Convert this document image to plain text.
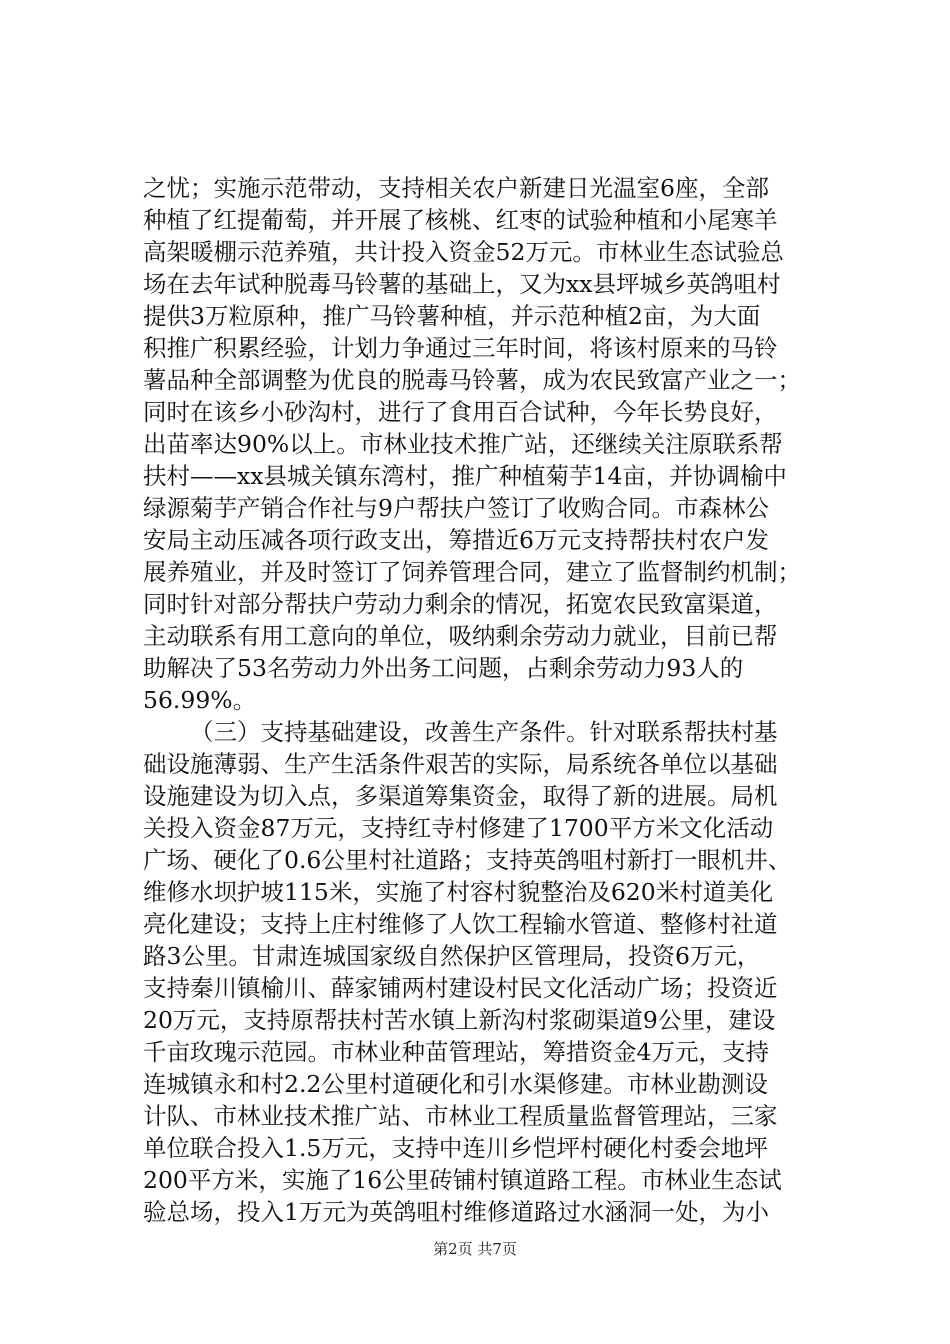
之忧；实施示范带动，支持相关农户新建日光温室6座，全部
种植了红提葡萄，并开展了核桃、红枣的试验种植和小尾寒羊
高架暖棚示范养殖，共计投入资金52万元。市林业生态试验总
场在去年试种脱毒马铃薯的基础上，又为xx县坪城乡英鸽咀村
提供3万粒原种，推广马铃薯种植，并示范种植2亩，为大面
积推广积累经验，计划力争通过三年时间，将该村原来的马铃
薯品种全部调整为优良的脱毒马铃薯，成为农民致富产业之一；
同时在该乡小砂沟村，进行了食用百合试种，今年长势良好，
出苗率达90%以上。市林业技术推广站，还继续关注原联系帮
扶村——xx县城关镇东湾村，推广种植菊芋14亩，并协调榆中
绿源菊芋产销合作社与9户帮扶户签订了收购合同。市森林公
安局主动压减各项行政支出，筹措近6万元支持帮扶村农户发
展养殖业，并及时签订了饲养管理合同，建立了监督制约机制；
同时针对部分帮扶户劳动力剩余的情况，拓宽农民致富渠道，
主动联系有用工意向的单位，吸纳剩余劳动力就业，目前已帮
助解决了53名劳动力外出务工问题，占剩余劳动力93人的
56.99%。
（三）支持基础建设，改善生产条件。针对联系帮扶村基
础设施薄弱、生产生活条件艰苦的实际，局系统各单位以基础
设施建设为切入点，多渠道筹集资金，取得了新的进展。局机
关投入资金87万元，支持红寺村修建了1700平方米文化活动
广场、硬化了0.6公里村社道路；支持英鸽咀村新打一眼机井、
维修水坝护坡115米，实施了村容村貌整治及620米村道美化
亮化建设；支持上庄村维修了人饮工程输水管道、整修村社道
路3公里。甘肃连城国家级自然保护区管理局，投资6万元，
支持秦川镇榆川、薛家铺两村建设村民文化活动广场；投资近
20万元，支持原帮扶村苦水镇上新沟村浆砌渠道9公里，建设
千亩玫瑰示范园。市林业种苗管理站，筹措资金4万元，支持
连城镇永和村2.2公里村道硬化和引水渠修建。市林业勘测设
计队、市林业技术推广站、市林业工程质量监督管理站，三家
单位联合投入1.5万元，支持中连川乡恺坪村硬化村委会地坪
200平方米，实施了16公里砖铺村镇道路工程。市林业生态试
验总场，投入1万元为英鸽咀村维修道路过水涵洞一处，为小
第2页 共7页
